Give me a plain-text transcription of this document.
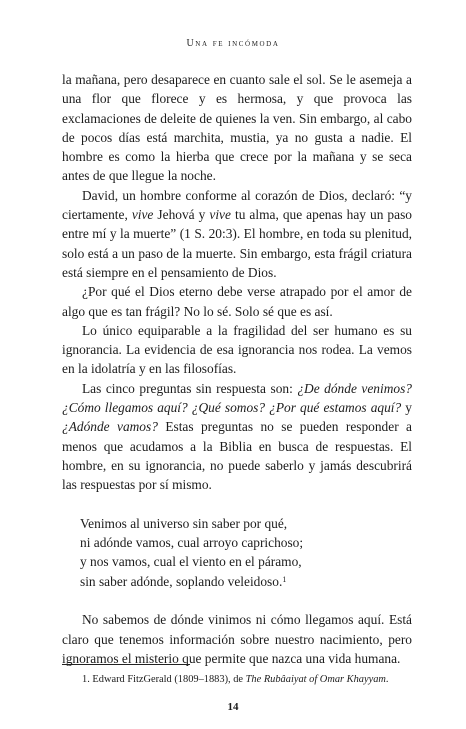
Una fe incómoda

la mañana, pero desaparece en cuanto sale el sol. Se le asemeja a una flor que florece y es hermosa, y que provoca las exclamaciones de deleite de quienes la ven. Sin embargo, al cabo de pocos días está marchita, mustia, ya no gusta a nadie. El hombre es como la hierba que crece por la mañana y se seca antes de que llegue la noche.

David, un hombre conforme al corazón de Dios, declaró: “y ciertamente, vive Jehová y vive tu alma, que apenas hay un paso entre mí y la muerte” (1 S. 20:3). El hombre, en toda su plenitud, solo está a un paso de la muerte. Sin embargo, esta frágil criatura está siempre en el pensamiento de Dios.

¿Por qué el Dios eterno debe verse atrapado por el amor de algo que es tan frágil? No lo sé. Solo sé que es así.

Lo único equiparable a la fragilidad del ser humano es su ignorancia. La evidencia de esa ignorancia nos rodea. La vemos en la idolatría y en las filosofías.

Las cinco preguntas sin respuesta son: ¿De dónde venimos? ¿Cómo llegamos aquí? ¿Qué somos? ¿Por qué estamos aquí? y ¿Adónde vamos? Estas preguntas no se pueden responder a menos que acudamos a la Biblia en busca de respuestas. El hombre, en su ignorancia, no puede saberlo y jamás descubrirá las respuestas por sí mismo.

Venimos al universo sin saber por qué,
ni adónde vamos, cual arroyo caprichoso;
y nos vamos, cual el viento en el páramo,
sin saber adónde, soplando veleidoso.$^1$

No sabemos de dónde vinimos ni cómo llegamos aquí. Está claro que tenemos información sobre nuestro nacimiento, pero ignoramos el misterio que permite que nazca una vida humana.

1. Edward FitzGerald (1809–1883), de The Rubâaiyat of Omar Khayyam.
14
